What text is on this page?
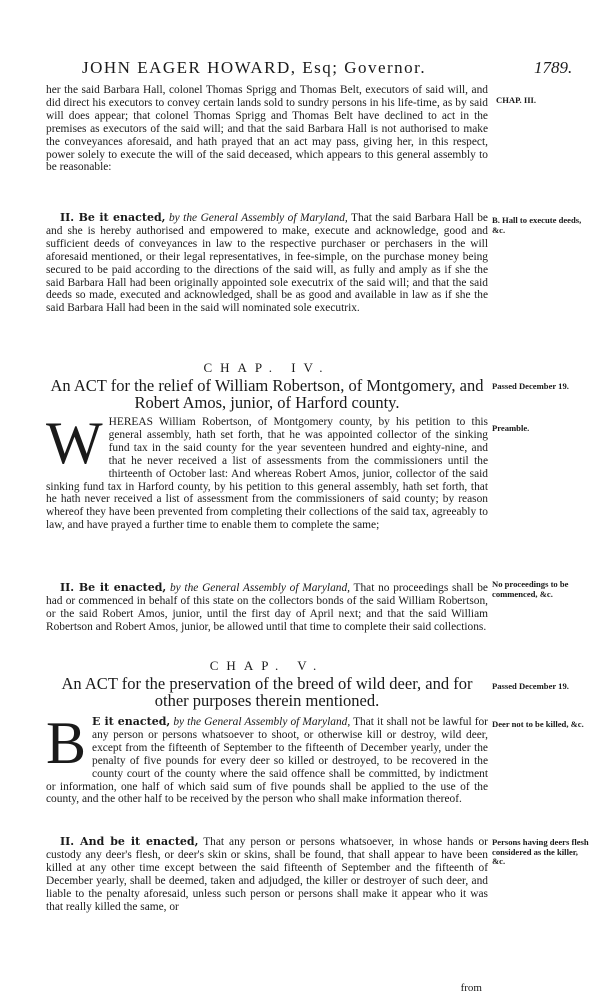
JOHN EAGER HOWARD, Esq; Governor.	1789.
CHAP. III.

her the said Barbara Hall, colonel Thomas Sprigg and Thomas Belt, executors of said will, and did direct his executors to convey certain lands sold to sundry persons in his life-time, as by said will does appear; that colonel Thomas Sprigg and Thomas Belt have declined to act in the premises as executors of the said will; and that the said Barbara Hall is not authorised to make the conveyances aforesaid, and hath prayed that an act may pass, giving her, in this respect, power solely to execute the will of the said deceased, which appears to this general assembly to be reasonable:

II. Be it enacted, by the General Assembly of Maryland, That the said Barbara Hall be and she is hereby authorised and empowered to make, execute and acknowledge, good and sufficient deeds of conveyances in law to the respective purchaser or perchasers in the will aforesaid mentioned, or their legal representatives, in fee-simple, on the purchase money being secured to be paid according to the directions of the said will, as fully and amply as if she the said Barbara Hall had been originally appointed sole executrix of the said will; and that the said deeds so made, executed and acknowledged, shall be as good and available in law as if she the said Barbara Hall had been in the said will nominated sole executrix.

B. Hall to execute deeds, &c.
CHAP. IV.
An ACT for the relief of William Robertson, of Montgomery, and Robert Amos, junior, of Harford county.
Passed December 19.
Preamble.

W HEREAS William Robertson, of Montgomery county, by his petition to this general assembly, hath set forth, that he was appointed collector of the sinking fund tax in the said county for the year seventeen hundred and eighty-nine, and that he never received a list of assessments from the commissioners until the thirteenth of October last: And whereas Robert Amos, junior, collector of the said sinking fund tax in Harford county, by his petition to this general assembly, hath set forth, that he hath never received a list of assessment from the commissioners of said county; by reason whereof they have been prevented from completing their collections of the said tax, agreeably to law, and have prayed a further time to enable them to complete the same;

II. Be it enacted, by the General Assembly of Maryland, That no proceedings shall be had or commenced in behalf of this state on the collectors bonds of the said William Robertson, or the said Robert Amos, junior, until the first day of April next; and that the said William Robertson and Robert Amos, junior, be allowed until that time to complete their said collections.

No proceedings to be commenced, &c.
CHAP. V.
An ACT for the preservation of the breed of wild deer, and for other purposes therein mentioned.
Passed December 19.

B E it enacted, by the General Assembly of Maryland, That it shall not be lawful for any person or persons whatsoever to shoot, or otherwise kill or destroy, wild deer, except from the fifteenth of September to the fifteenth of December yearly, under the penalty of five pounds for every deer so killed or destroyed, to be recovered in the county court of the county where the said offence shall be committed, by indictment or information, one half of which said sum of five pounds shall be applied to the use of the county, and the other half to be received by the person who shall make information thereof.

Deer not to be killed, &c.

II. And be it enacted, That any person or persons whatsoever, in whose hands or custody any deer's flesh, or deer's skin or skins, shall be found, that shall appear to have been killed at any other time except between the said fifteenth of September and the fifteenth of December yearly, shall be deemed, taken and adjudged, the killer or destroyer of such deer, and liable to the penalty aforesaid, unless such person or persons shall make it appear who it was that really killed the same, or

Persons having deers flesh considered as the killer, &c.
from
